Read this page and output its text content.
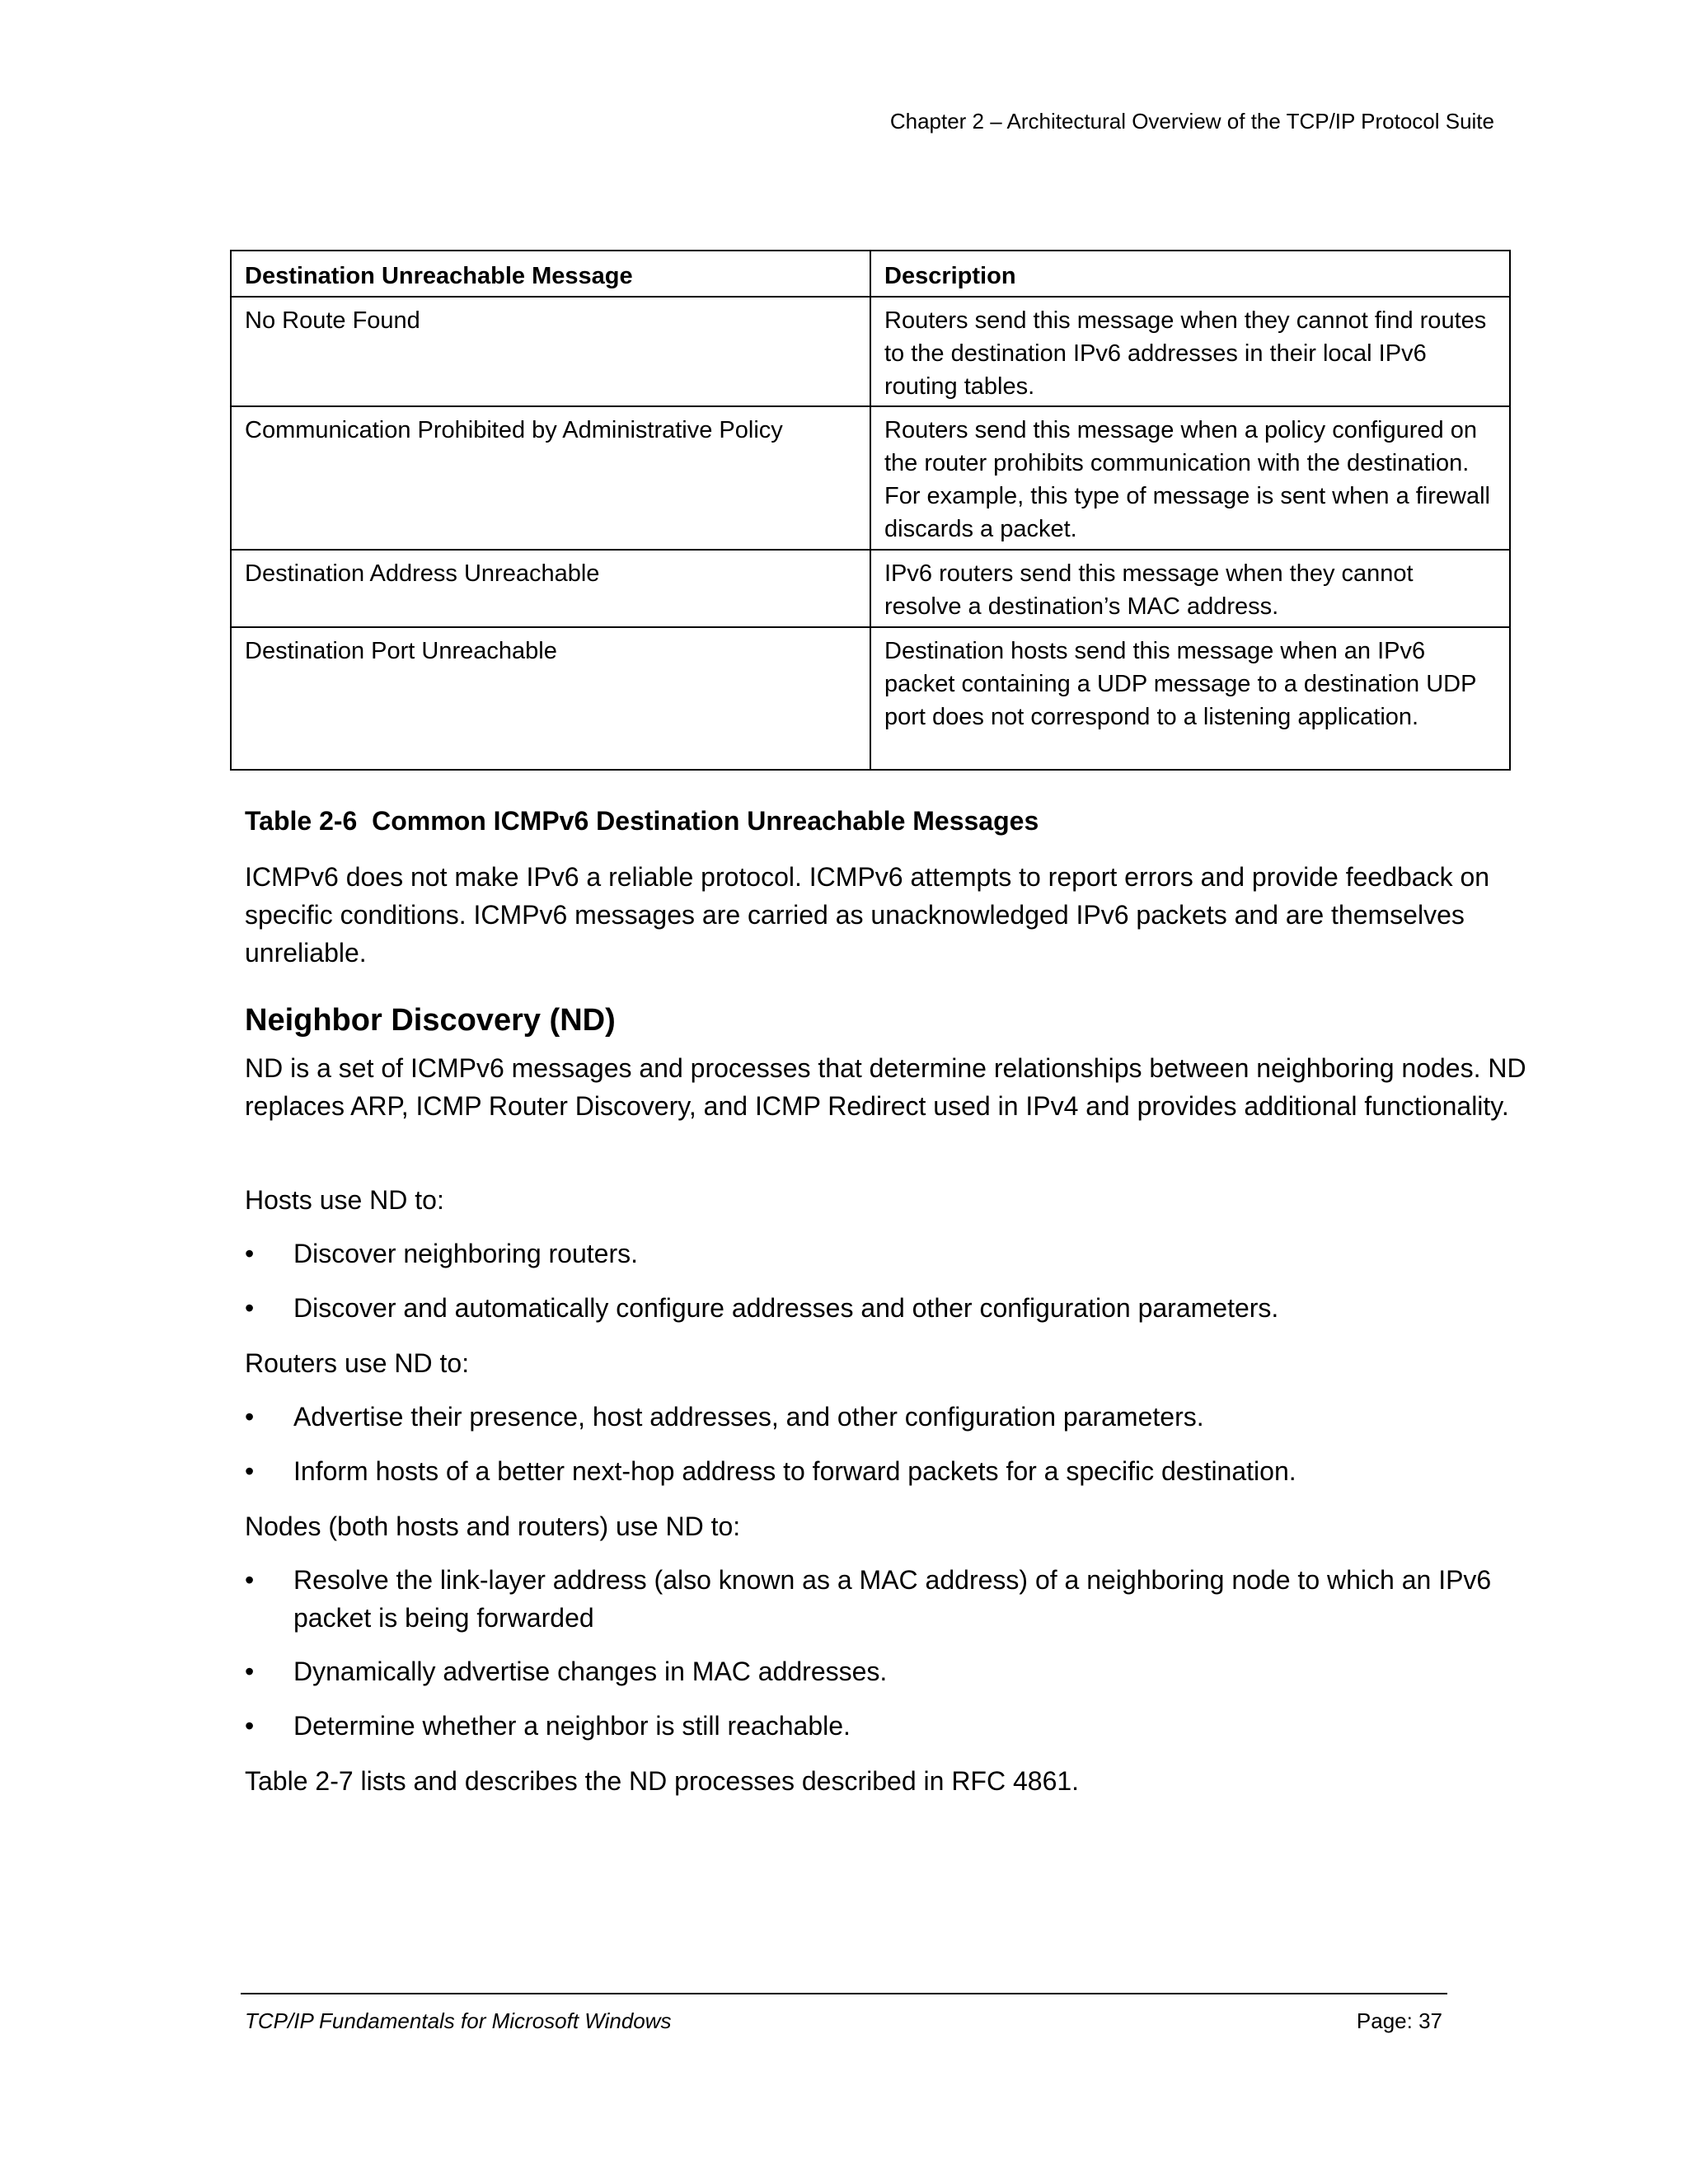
Chapter 2 – Architectural Overview of the TCP/IP Protocol Suite

Destination Unreachable Message	Description
No Route Found	Routers send this message when they cannot find routes to the destination IPv6 addresses in their local IPv6 routing tables.
Communication Prohibited by Administrative Policy	Routers send this message when a policy configured on the router prohibits communication with the destination. For example, this type of message is sent when a firewall discards a packet.
Destination Address Unreachable	IPv6 routers send this message when they cannot resolve a destination’s MAC address.
Destination Port Unreachable	Destination hosts send this message when an IPv6 packet containing a UDP message to a destination UDP port does not correspond to a listening application.

Table 2-6  Common ICMPv6 Destination Unreachable Messages

ICMPv6 does not make IPv6 a reliable protocol. ICMPv6 attempts to report errors and provide feedback on specific conditions. ICMPv6 messages are carried as unacknowledged IPv6 packets and are themselves unreliable.

Neighbor Discovery (ND)

ND is a set of ICMPv6 messages and processes that determine relationships between neighboring nodes. ND replaces ARP, ICMP Router Discovery, and ICMP Redirect used in IPv4 and provides additional functionality.

Hosts use ND to:

•	Discover neighboring routers.
•	Discover and automatically configure addresses and other configuration parameters.

Routers use ND to:

•	Advertise their presence, host addresses, and other configuration parameters.
•	Inform hosts of a better next-hop address to forward packets for a specific destination.

Nodes (both hosts and routers) use ND to:

•	Resolve the link-layer address (also known as a MAC address) of a neighboring node to which an IPv6 packet is being forwarded
•	Dynamically advertise changes in MAC addresses.
•	Determine whether a neighbor is still reachable.

Table 2-7 lists and describes the ND processes described in RFC 4861.

TCP/IP Fundamentals for Microsoft Windows	Page: 37
